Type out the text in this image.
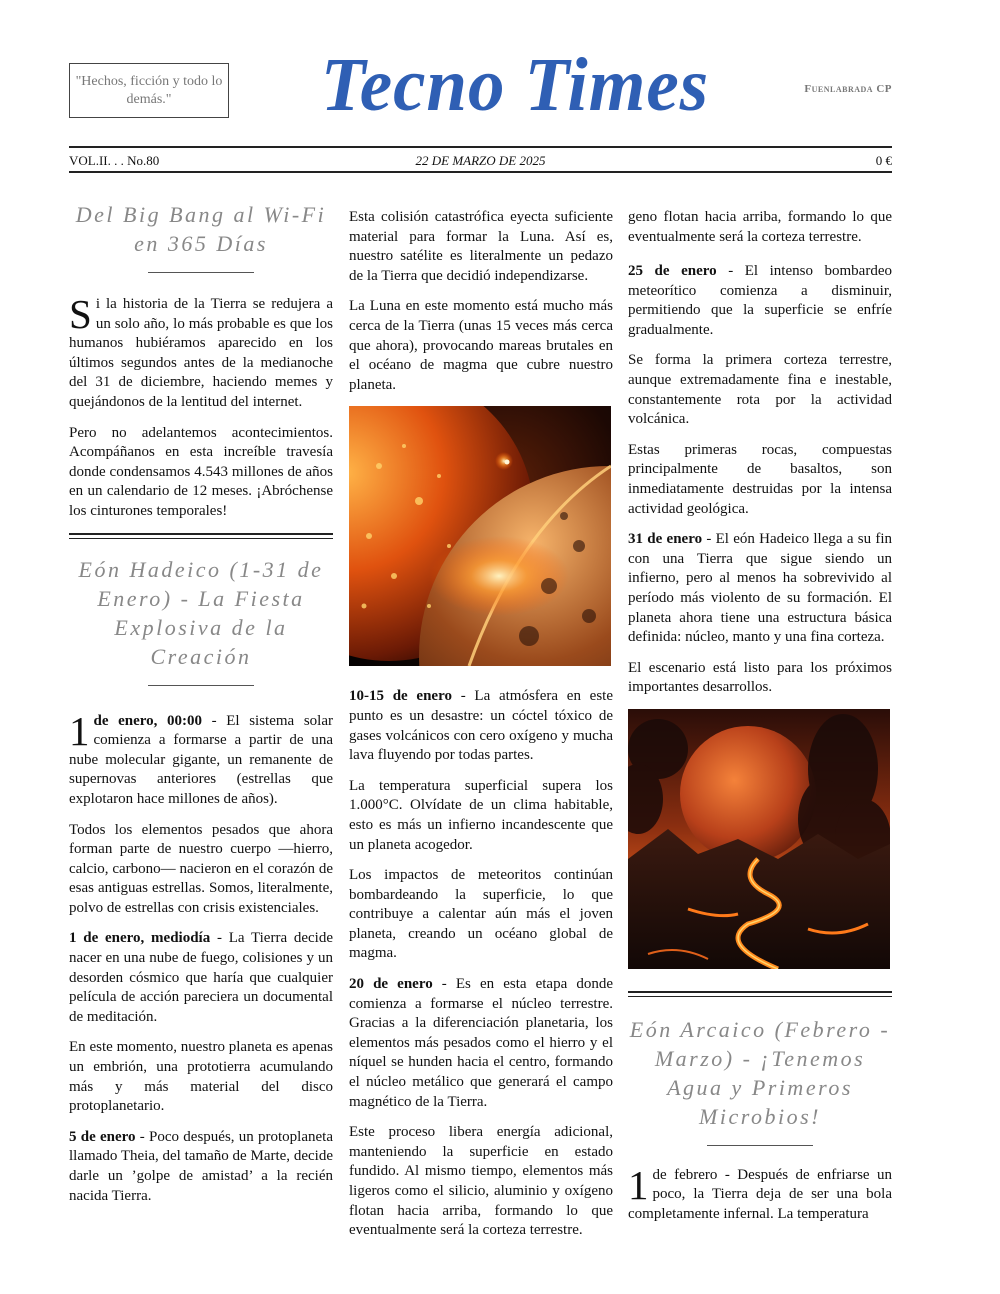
"Hechos, ficción y todo lo demás."	Tecno Times	Fuenlabrada CP
VOL.II. . . No.80	22 DE MARZO DE 2025	0 €
Del Big Bang al Wi-Fi en 365 Días

Si la historia de la Tierra se redujera a un solo año, lo más probable es que los humanos hubiéramos aparecido en los últimos segundos antes de la medianoche del 31 de diciembre, haciendo memes y quejándonos de la lentitud del internet.

Pero no adelantemos acontecimientos. Acompáñanos en esta increíble travesía donde condensamos 4.543 millones de años en un calendario de 12 meses. ¡Abróchense los cinturones temporales!

Eón Hadeico (1-31 de Enero) - La Fiesta Explosiva de la Creación

1 de enero, 00:00 - El sistema solar comienza a formarse a partir de una nube molecular gigante, un remanente de supernovas anteriores (estrellas que explotaron hace millones de años).

Todos los elementos pesados que ahora forman parte de nuestro cuerpo —hierro, calcio, carbono— nacieron en el corazón de esas antiguas estrellas. Somos, literalmente, polvo de estrellas con crisis existenciales.

1 de enero, mediodía - La Tierra decide nacer en una nube de fuego, colisiones y un desorden cósmico que haría que cualquier película de acción pareciera un documental de meditación.

En este momento, nuestro planeta es apenas un embrión, una prototierra acumulando más y más material del disco protoplanetario.

5 de enero - Poco después, un protoplaneta llamado Theia, del tamaño de Marte, decide darle un ’golpe de amistad’ a la recién nacida Tierra.

Esta colisión catastrófica eyecta suficiente material para formar la Luna. Así es, nuestro satélite es literalmente un pedazo de la Tierra que decidió independizarse.

La Luna en este momento está mucho más cerca de la Tierra (unas 15 veces más cerca que ahora), provocando mareas brutales en el océano de magma que cubre nuestro planeta.

10-15 de enero - La atmósfera en este punto es un desastre: un cóctel tóxico de gases volcánicos con cero oxígeno y mucha lava fluyendo por todas partes.

La temperatura superficial supera los 1.000°C. Olvídate de un clima habitable, esto es más un infierno incandescente que un planeta acogedor.

Los impactos de meteoritos continúan bombardeando la superficie, lo que contribuye a calentar aún más el joven planeta, creando un océano global de magma.

20 de enero - Es en esta etapa donde comienza a formarse el núcleo terrestre. Gracias a la diferenciación planetaria, los elementos más pesados como el hierro y el níquel se hunden hacia el centro, formando el núcleo metálico que generará el campo magnético de la Tierra.

Este proceso libera energía adicional, manteniendo la superficie en estado fundido. Al mismo tiempo, elementos más ligeros como el silicio, aluminio y oxígeno flotan hacia arriba, formando lo que eventualmente será la corteza terrestre.

25 de enero - El intenso bombardeo meteorítico comienza a disminuir, permitiendo que la superficie se enfríe gradualmente.

Se forma la primera corteza terrestre, aunque extremadamente fina e inestable, constantemente rota por la actividad volcánica.

Estas primeras rocas, compuestas principalmente de basaltos, son inmediatamente destruidas por la intensa actividad geológica.

31 de enero - El eón Hadeico llega a su fin con una Tierra que sigue siendo un infierno, pero al menos ha sobrevivido al período más violento de su formación. El planeta ahora tiene una estructura básica definida: núcleo, manto y una fina corteza.

El escenario está listo para los próximos importantes desarrollos.

Eón Arcaico (Febrero - Marzo) - ¡Tenemos Agua y Primeros Microbios!

1 de febrero - Después de enfriarse un poco, la Tierra deja de ser una bola completamente infernal. La temperatura

geno flotan hacia arriba, formando lo que eventualmente será la corteza terrestre.
